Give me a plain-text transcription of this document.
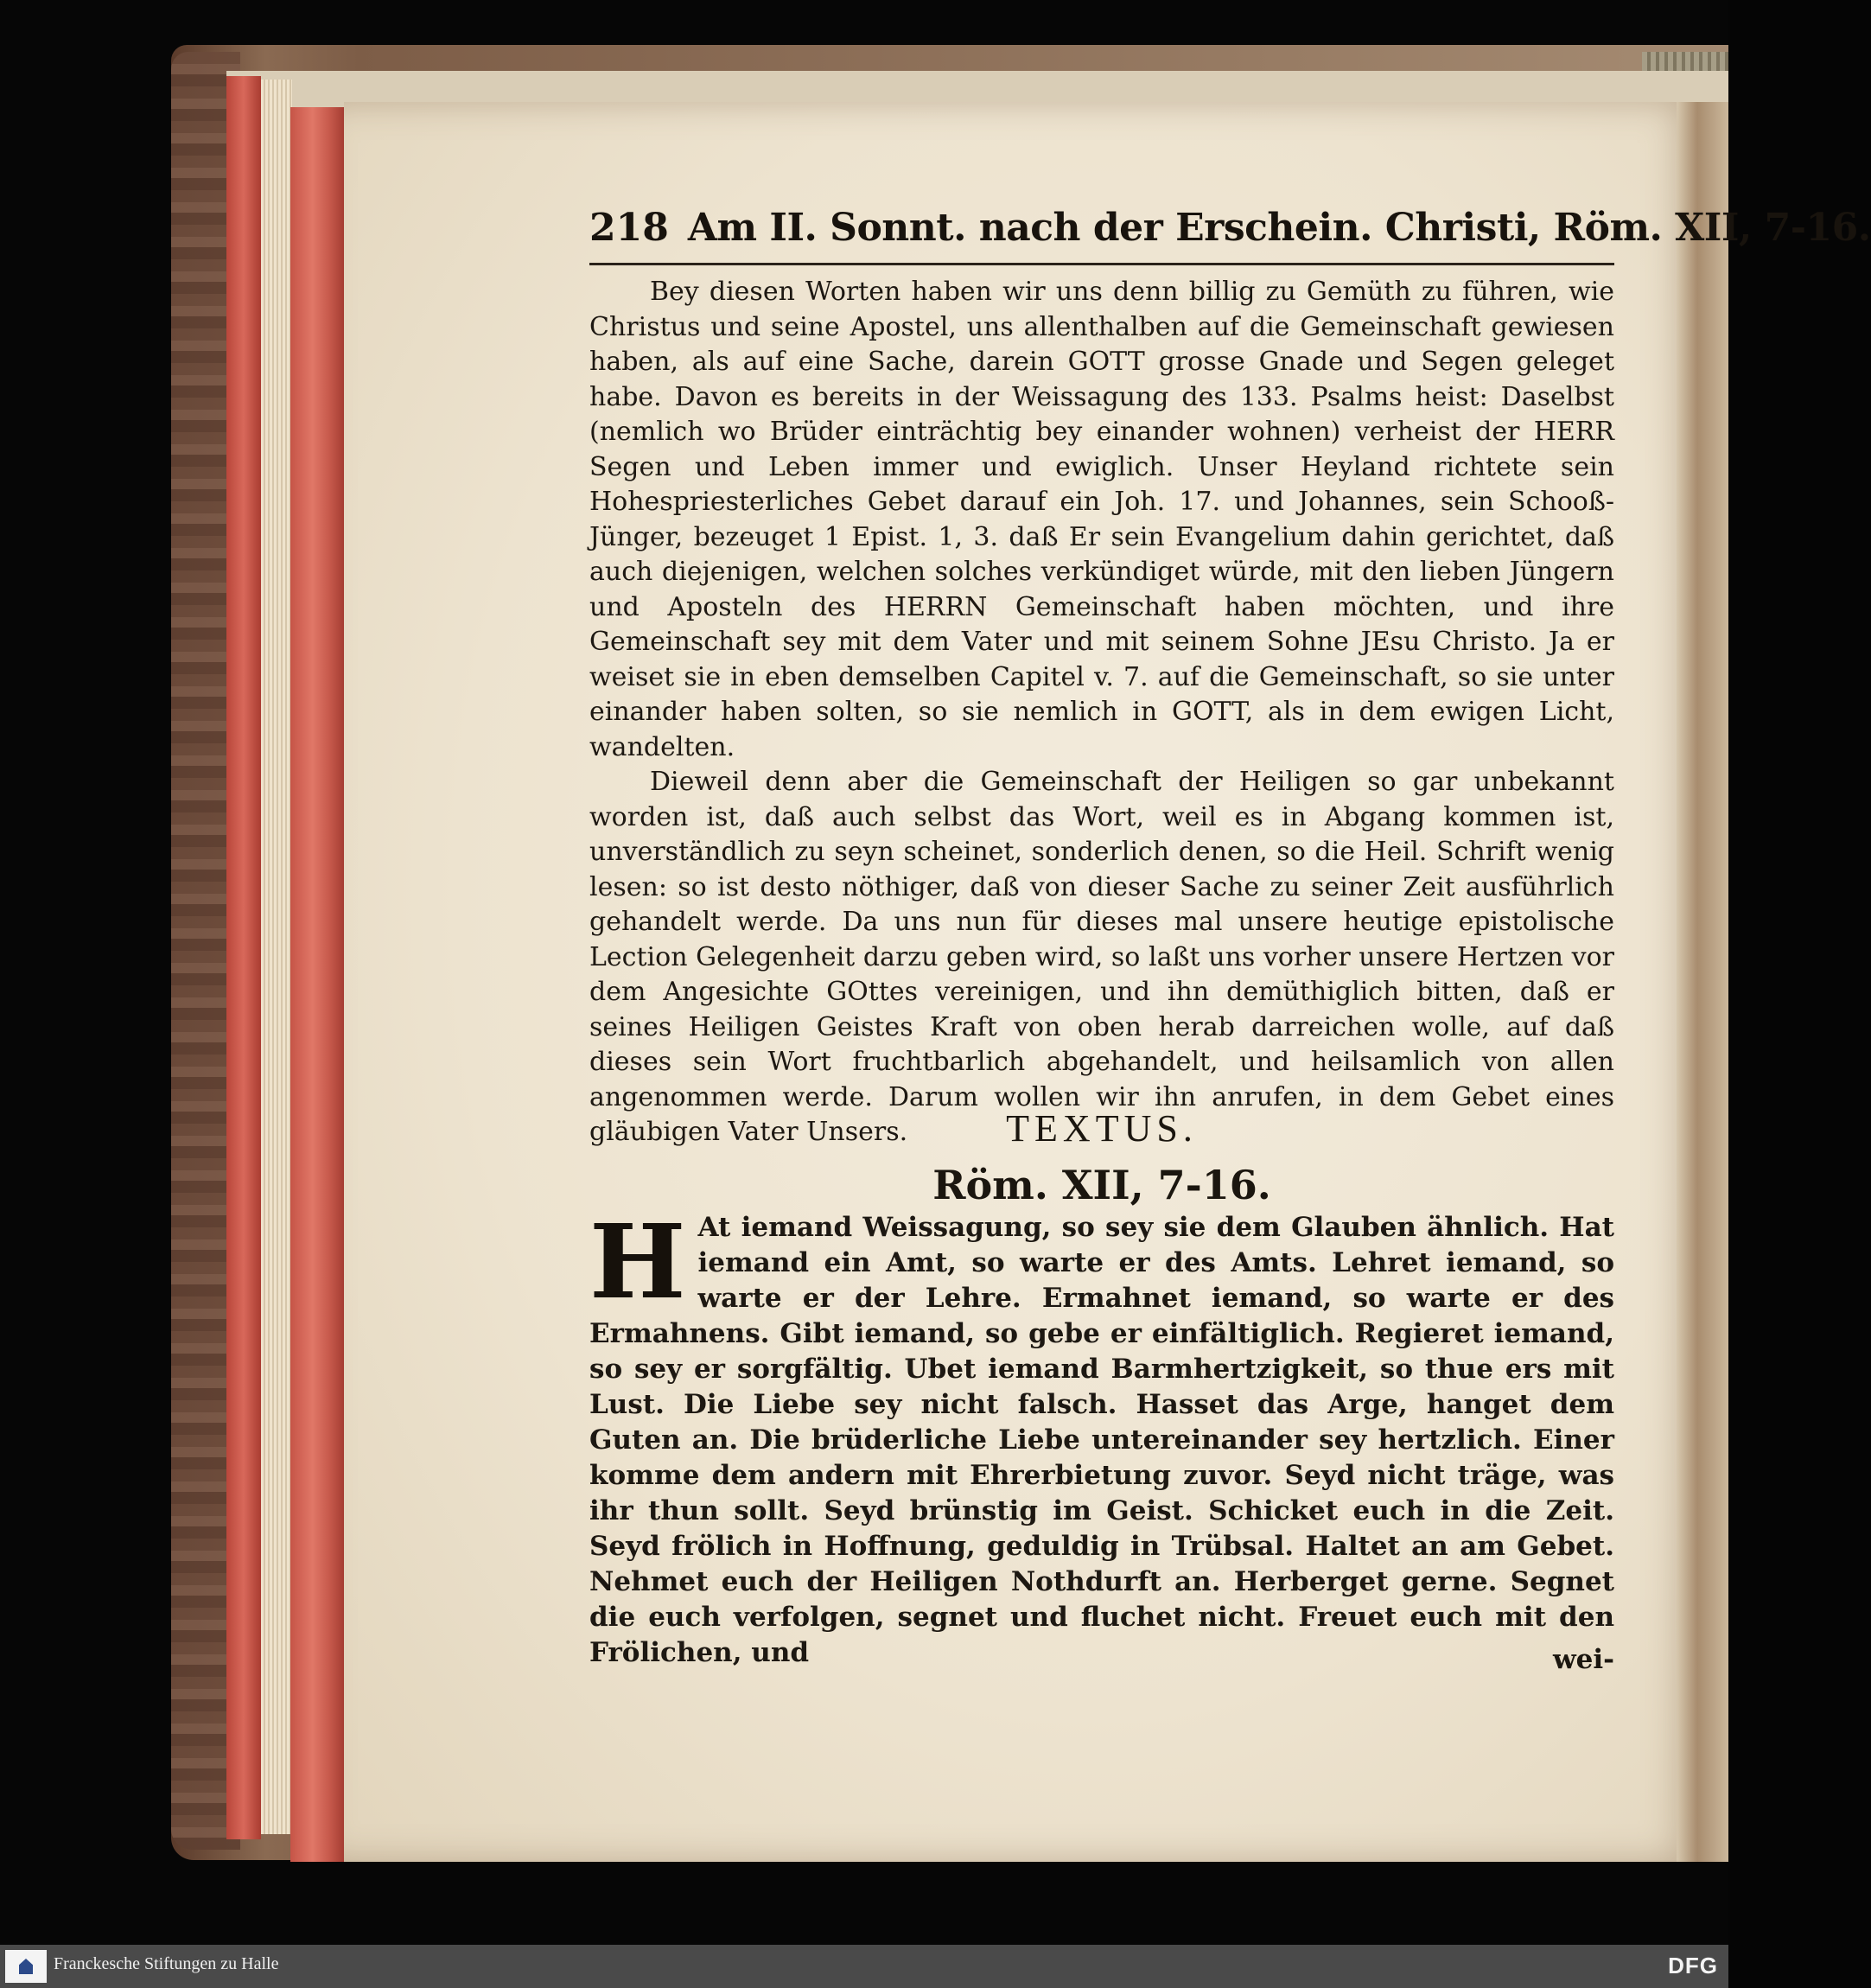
218 Am II. Sonnt. nach der Erschein. Christi, Röm. XII, 7-16.

Bey diesen Worten haben wir uns denn billig zu Gemüth zu führen, wie Christus und seine Apostel, uns allenthalben auf die Gemeinschaft gewiesen haben, als auf eine Sache, darein GOTT grosse Gnade und Segen geleget habe. Davon es bereits in der Weissagung des 133. Psalms heist: Daselbst (nemlich wo Brüder einträchtig bey einander wohnen) verheist der HERR Segen und Leben immer und ewiglich. Unser Heyland richtete sein Hohespriesterliches Gebet darauf ein Joh. 17. und Johannes, sein Schooß-Jünger, bezeuget 1 Epist. 1, 3. daß Er sein Evangelium dahin gerichtet, daß auch diejenigen, welchen solches verkündiget würde, mit den lieben Jüngern und Aposteln des HERRN Gemeinschaft haben möchten, und ihre Gemeinschaft sey mit dem Vater und mit seinem Sohne JEsu Christo. Ja er weiset sie in eben demselben Capitel v. 7. auf die Gemeinschaft, so sie unter einander haben solten, so sie nemlich in GOTT, als in dem ewigen Licht, wandelten.

Dieweil denn aber die Gemeinschaft der Heiligen so gar unbekannt worden ist, daß auch selbst das Wort, weil es in Abgang kommen ist, unverständlich zu seyn scheinet, sonderlich denen, so die Heil. Schrift wenig lesen: so ist desto nöthiger, daß von dieser Sache zu seiner Zeit ausführlich gehandelt werde. Da uns nun für dieses mal unsere heutige epistolische Lection Gelegenheit darzu geben wird, so laßt uns vorher unsere Hertzen vor dem Angesichte GOttes vereinigen, und ihn demüthiglich bitten, daß er seines Heiligen Geistes Kraft von oben herab darreichen wolle, auf daß dieses sein Wort fruchtbarlich abgehandelt, und heilsamlich von allen angenommen werde. Darum wollen wir ihn anrufen, in dem Gebet eines gläubigen Vater Unsers.	TEXTUS.
Röm. XII, 7-16.
H At iemand Weissagung, so sey sie dem Glauben ähnlich. Hat iemand ein Amt, so warte er des Amts. Lehret iemand, so warte er der Lehre. Ermahnet iemand, so warte er des Ermahnens. Gibt iemand, so gebe er einfältiglich. Regieret iemand, so sey er sorgfältig. Ubet iemand Barmhertzigkeit, so thue ers mit Lust. Die Liebe sey nicht falsch. Hasset das Arge, hanget dem Guten an. Die brüderliche Liebe untereinander sey hertzlich. Einer komme dem andern mit Ehrerbietung zuvor. Seyd nicht träge, was ihr thun sollt. Seyd brünstig im Geist. Schicket euch in die Zeit. Seyd frölich in Hoffnung, geduldig in Trübsal. Haltet an am Gebet. Nehmet euch der Heiligen Nothdurft an. Herberget gerne. Segnet die euch verfolgen, segnet und fluchet nicht. Freuet euch mit den Frölichen, und	wei-
Franckesche Stiftungen zu Halle	DFG
